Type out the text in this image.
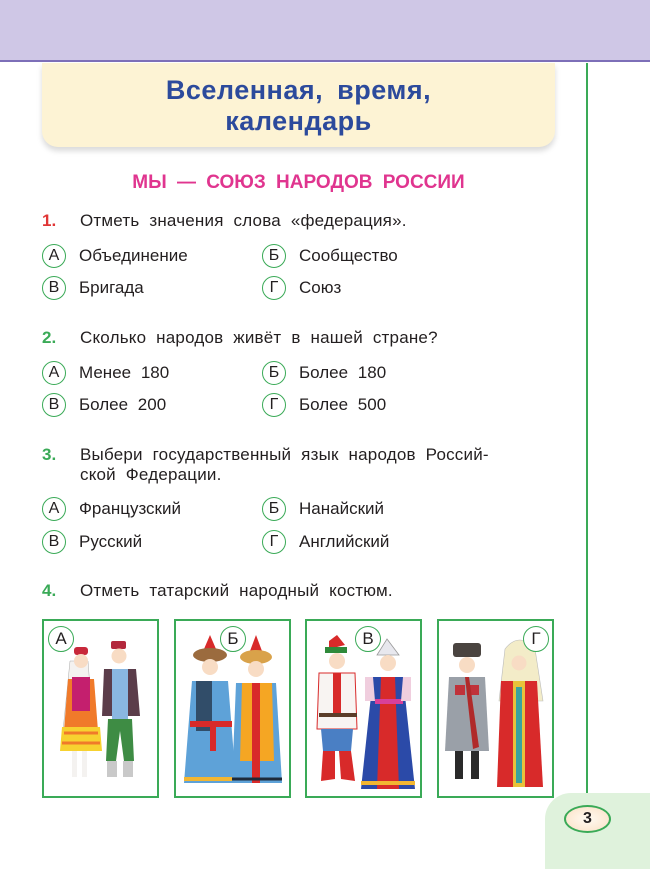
Вселенная, время,
календарь
МЫ — СОЮЗ НАРОДОВ РОССИИ
1. Отметь значения слова «федерация».
А	Объединение	Б	Сообщество
В	Бригада	Г	Союз
2. Сколько народов живёт в нашей стране?
А	Менее 180	Б	Более 180
В	Более 200	Г	Более 500
3. Выбери государственный язык народов Россий-
ской Федерации.
А	Французский	Б	Нанайский
В	Русский	Г	Английский
4. Отметь татарский народный костюм.
А	Б	В	Г
3
